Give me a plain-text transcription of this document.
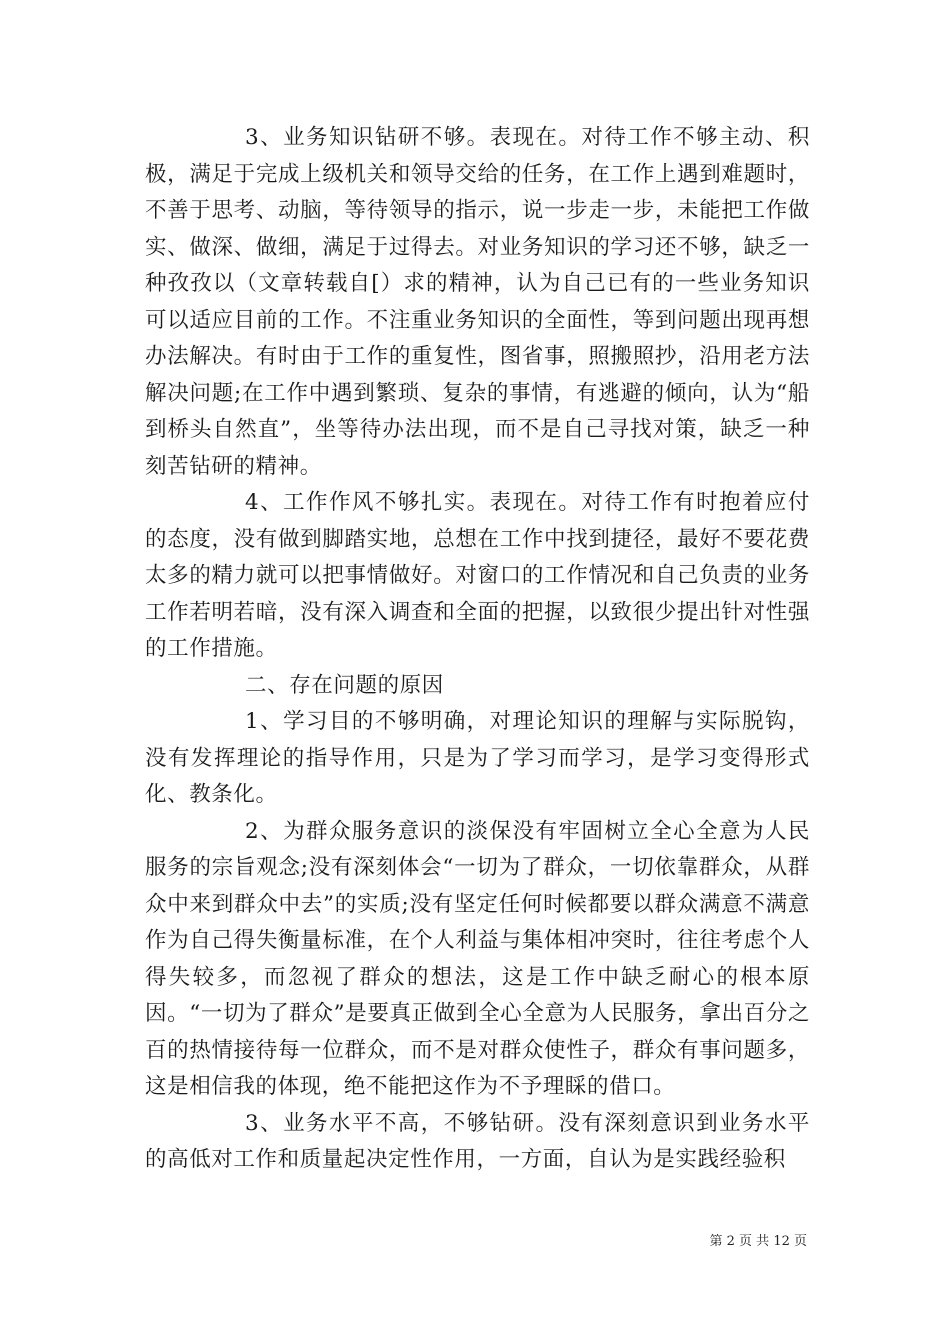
3、业务知识钻研不够。表现在。对待工作不够主动、积极，满足于完成上级机关和领导交给的任务，在工作上遇到难题时，不善于思考、动脑，等待领导的指示，说一步走一步，未能把工作做实、做深、做细，满足于过得去。对业务知识的学习还不够，缺乏一种孜孜以（文章转载自[）求的精神，认为自己已有的一些业务知识可以适应目前的工作。不注重业务知识的全面性，等到问题出现再想办法解决。有时由于工作的重复性，图省事，照搬照抄，沿用老方法解决问题;在工作中遇到繁琐、复杂的事情，有逃避的倾向，认为“船到桥头自然直”，坐等待办法出现，而不是自己寻找对策，缺乏一种刻苦钻研的精神。

4、工作作风不够扎实。表现在。对待工作有时抱着应付的态度，没有做到脚踏实地，总想在工作中找到捷径，最好不要花费太多的精力就可以把事情做好。对窗口的工作情况和自己负责的业务工作若明若暗，没有深入调查和全面的把握，以致很少提出针对性强的工作措施。

二、存在问题的原因

1、学习目的不够明确，对理论知识的理解与实际脱钩，没有发挥理论的指导作用，只是为了学习而学习，是学习变得形式化、教条化。

2、为群众服务意识的淡保没有牢固树立全心全意为人民服务的宗旨观念;没有深刻体会“一切为了群众，一切依靠群众，从群众中来到群众中去”的实质;没有坚定任何时候都要以群众满意不满意作为自己得失衡量标准，在个人利益与集体相冲突时，往往考虑个人得失较多，而忽视了群众的想法，这是工作中缺乏耐心的根本原因。“一切为了群众”是要真正做到全心全意为人民服务，拿出百分之百的热情接待每一位群众，而不是对群众使性子，群众有事问题多，这是相信我的体现，绝不能把这作为不予理睬的借口。

3、业务水平不高，不够钻研。没有深刻意识到业务水平的高低对工作和质量起决定性作用，一方面，自认为是实践经验积

第 2 页 共 12 页
